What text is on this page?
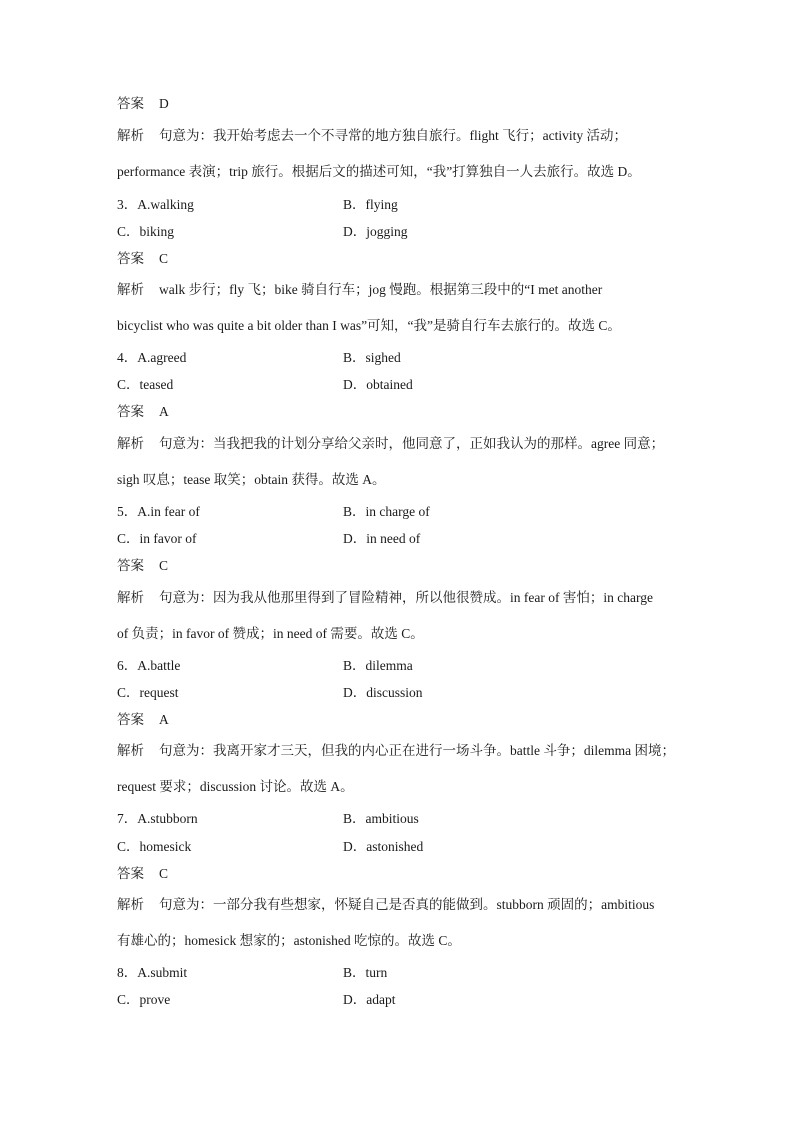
答案 D
解析 句意为：我开始考虑去一个不寻常的地方独自旅行。flight 飞行；activity 活动；
performance 表演；trip 旅行。根据后文的描述可知，“我”打算独自一人去旅行。故选 D。
3．A.walking	B．flying
C．biking	D．jogging
答案 C
解析 walk 步行；fly 飞；bike 骑自行车；jog 慢跑。根据第三段中的“I met another
bicyclist who was quite a bit older than I was”可知，“我”是骑自行车去旅行的。故选 C。
4．A.agreed	B．sighed
C．teased	D．obtained
答案 A
解析 句意为：当我把我的计划分享给父亲时，他同意了，正如我认为的那样。agree 同意；
sigh 叹息；tease 取笑；obtain 获得。故选 A。
5．A.in fear of	B．in charge of
C．in favor of	D．in need of
答案 C
解析 句意为：因为我从他那里得到了冒险精神，所以他很赞成。in fear of 害怕；in charge
of 负责；in favor of 赞成；in need of 需要。故选 C。
6．A.battle	B．dilemma
C．request	D．discussion
答案 A
解析 句意为：我离开家才三天，但我的内心正在进行一场斗争。battle 斗争；dilemma 困境；
request 要求；discussion 讨论。故选 A。
7．A.stubborn	B．ambitious
C．homesick	D．astonished
答案 C
解析 句意为：一部分我有些想家，怀疑自己是否真的能做到。stubborn 顽固的；ambitious
有雄心的；homesick 想家的；astonished 吃惊的。故选 C。
8．A.submit	B．turn
C．prove	D．adapt
